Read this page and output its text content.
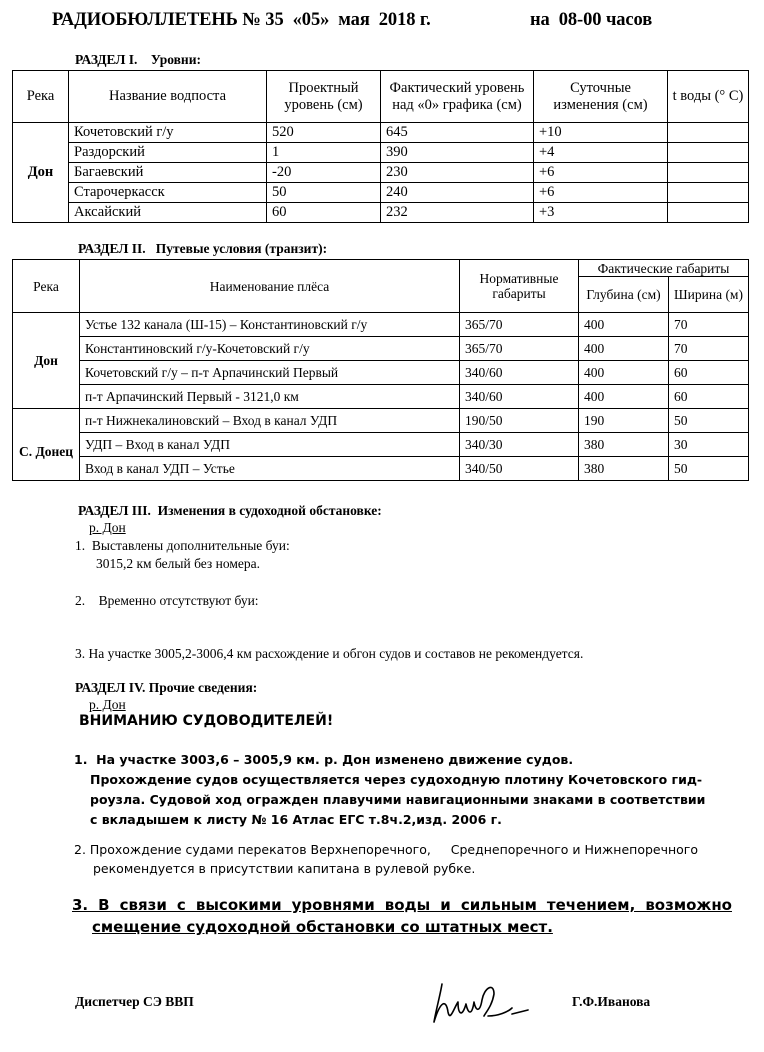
РАДИОБЮЛЛЕТЕНЬ № 35  «05»  мая  2018 г.	на  08-00 часов
РАЗДЕЛ I.    Уровни:
Река	Название водпоста	Проектный уровень (см)	Фактический уровень над «0» графика (см)	Суточные изменения (см)	t воды (° С)
Дон	Кочетовский г/у	520	645	+10	
	Раздорский	1	390	+4	
	Багаевский	-20	230	+6	
	Старочеркасск	50	240	+6	
	Аксайский	60	232	+3	
РАЗДЕЛ II.   Путевые условия (транзит):
Река	Наименование плёса	Нормативные габариты	Фактические габариты	
			Глубина (см)	Ширина (м)
Дон	Устье 132 канала (Ш-15) – Константиновский г/у	365/70	400	70
	Константиновский г/у-Кочетовский г/у	365/70	400	70
	Кочетовский г/у – п-т Арпачинский Первый	340/60	400	60
	п-т Арпачинский Первый - 3121,0 км	340/60	400	60
С. Донец	п-т Нижнекалиновский – Вход в канал УДП	190/50	190	50
	УДП – Вход в канал УДП	340/30	380	30
	Вход в канал УДП – Устье	340/50	380	50
РАЗДЕЛ III.  Изменения в судоходной обстановке:
р. Дон
1.  Выставлены дополнительные буи:
3015,2 км белый без номера.
2.    Временно отсутствуют буи:
3. На участке 3005,2-3006,4 км расхождение и обгон судов и составов не рекомендуется.
РАЗДЕЛ IV. Прочие сведения:
р. Дон
ВНИМАНИЮ СУДОВОДИТЕЛЕЙ!
1.  На участке 3003,6 – 3005,9 км. р. Дон изменено движение судов.
Прохождение судов осуществляется через судоходную плотину Кочетовского гид-
роузла. Судовой ход огражден плавучими навигационными знаками в соответствии
с вкладышем к листу № 16 Атлас ЕГС т.8ч.2,изд. 2006 г.
2. Прохождение судами перекатов Верхнепоречного,     Среднепоречного и Нижнепоречного
рекомендуется в присутствии капитана в рулевой рубке.
3. В связи с высокими уровнями воды и сильным течением, возможно
смещение судоходной обстановки со штатных мест.
Диспетчер СЭ ВВП	Г.Ф.Иванова
